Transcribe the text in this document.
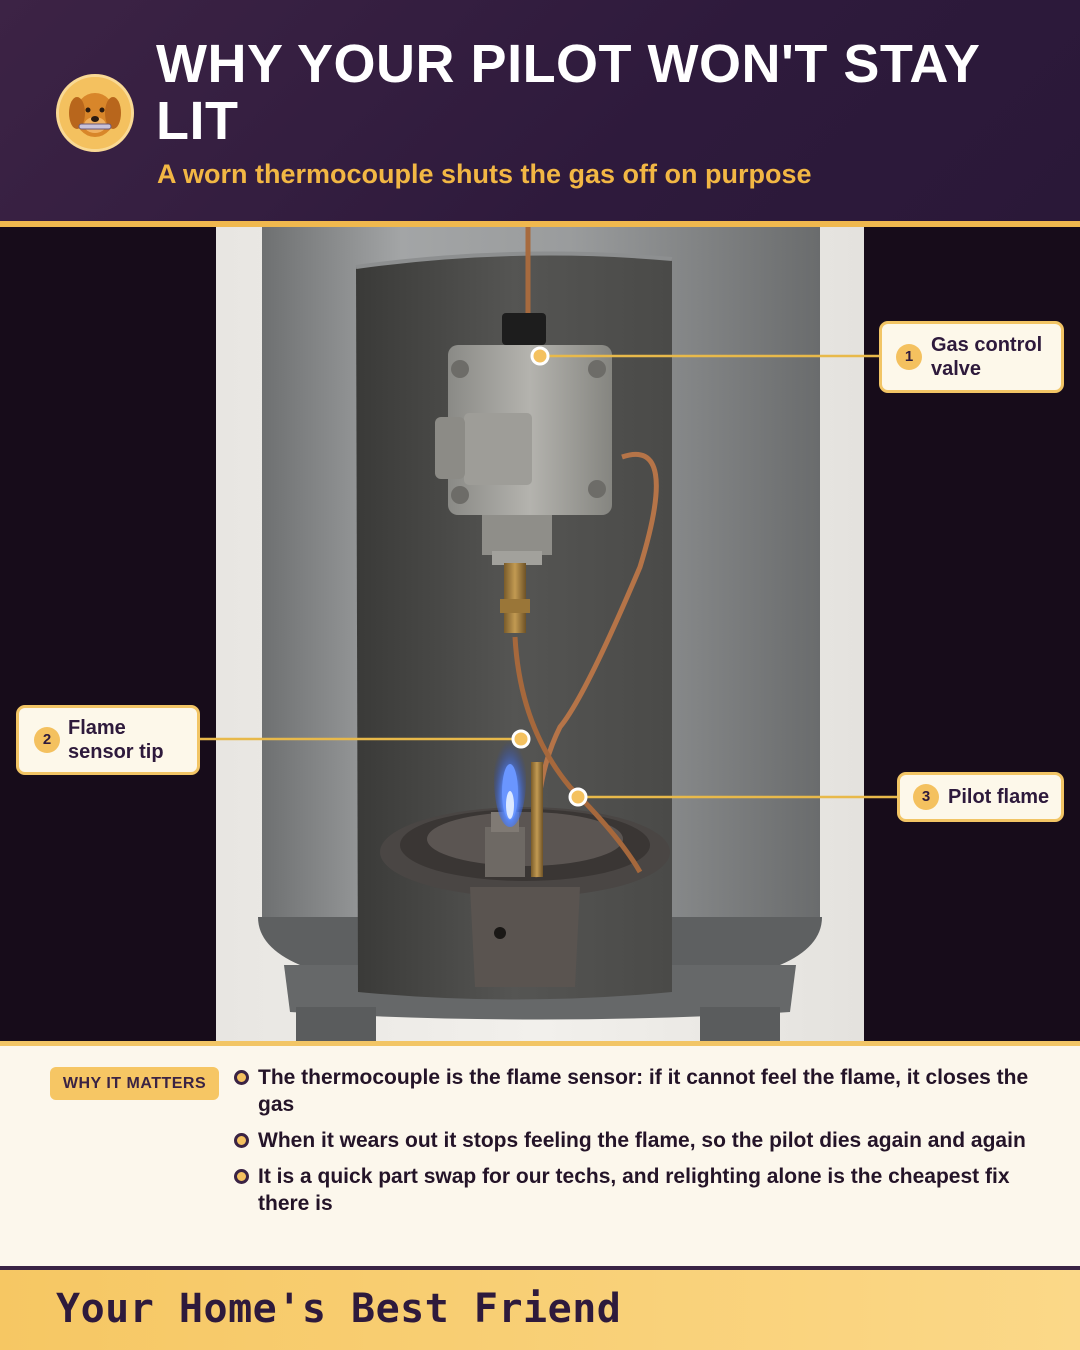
WHY YOUR PILOT WON'T STAY LIT
A worn thermocouple shuts the gas off on purpose
1
Gas control valve
2
Flame sensor tip
3 Pilot flame
WHY IT MATTERS	The thermocouple is the flame sensor: if it cannot feel the flame, it closes the gas
When it wears out it stops feeling the flame, so the pilot dies again and again
It is a quick part swap for our techs, and relighting alone is the cheapest fix there is
Your Home's Best Friend
